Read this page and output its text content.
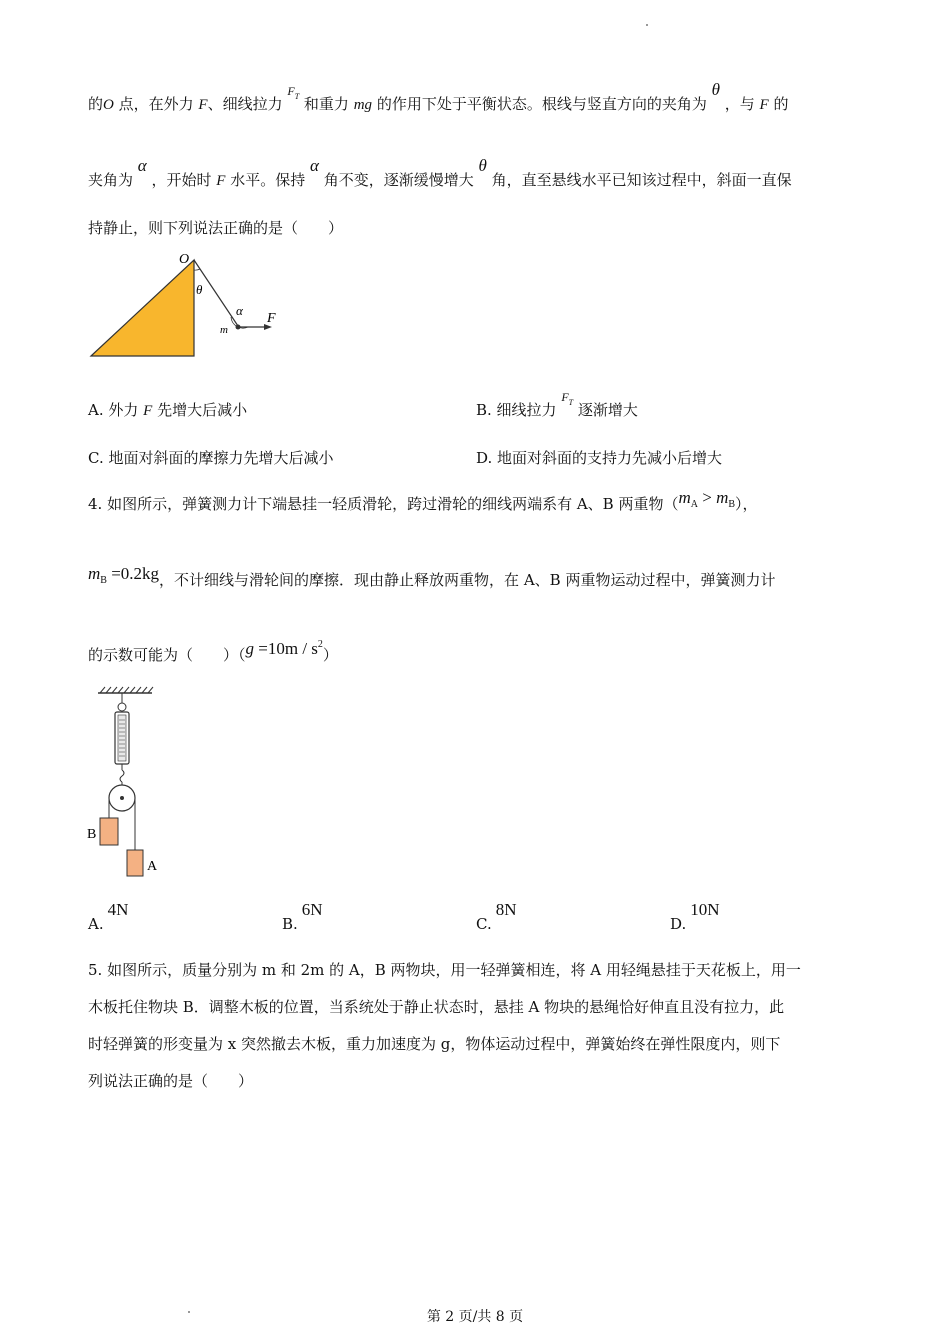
的O 点，在外力 F、细线拉力 $^{FT}$ 和重力 mg 的作用下处于平衡状态。根线与竖直方向的夹角为 θ ，与 F 的
夹角为 α ，开始时 F 水平。保持 α 角不变，逐渐缓慢增大 θ 角，直至悬线水平已知该过程中，斜面一直保
持静止，则下列说法正确的是（　　）
O
θ
α
m
F
A. 外力 F 先增大后减小	B. 细线拉力 $^{FT}$ 逐渐增大
C. 地面对斜面的摩擦力先增大后减小	D. 地面对斜面的支持力先减小后增大
4. 如图所示，弹簧测力计下端悬挂一轻质滑轮，跨过滑轮的细线两端系有 A、B 两重物$(m_A > m_B)$，
$m_B =0.2kg$，不计细线与滑轮间的摩擦．现由静止释放两重物，在 A、B 两重物运动过程中，弹簧测力计
的示数可能为（　　）$(g =10m / s^2)$
B
A
A.4N
B.6N
C.8N
D.10N
5. 如图所示，质量分别为 m 和 2m 的 A，B 两物块，用一轻弹簧相连，将 A 用轻绳悬挂于天花板上，用一
木板托住物块 B．调整木板的位置，当系统处于静止状态时，悬挂 A 物块的悬绳恰好伸直且没有拉力，此
时轻弹簧的形变量为 x 突然撤去木板，重力加速度为 g，物体运动过程中，弹簧始终在弹性限度内，则下
列说法正确的是（　　）
第 2 页/共 8 页
